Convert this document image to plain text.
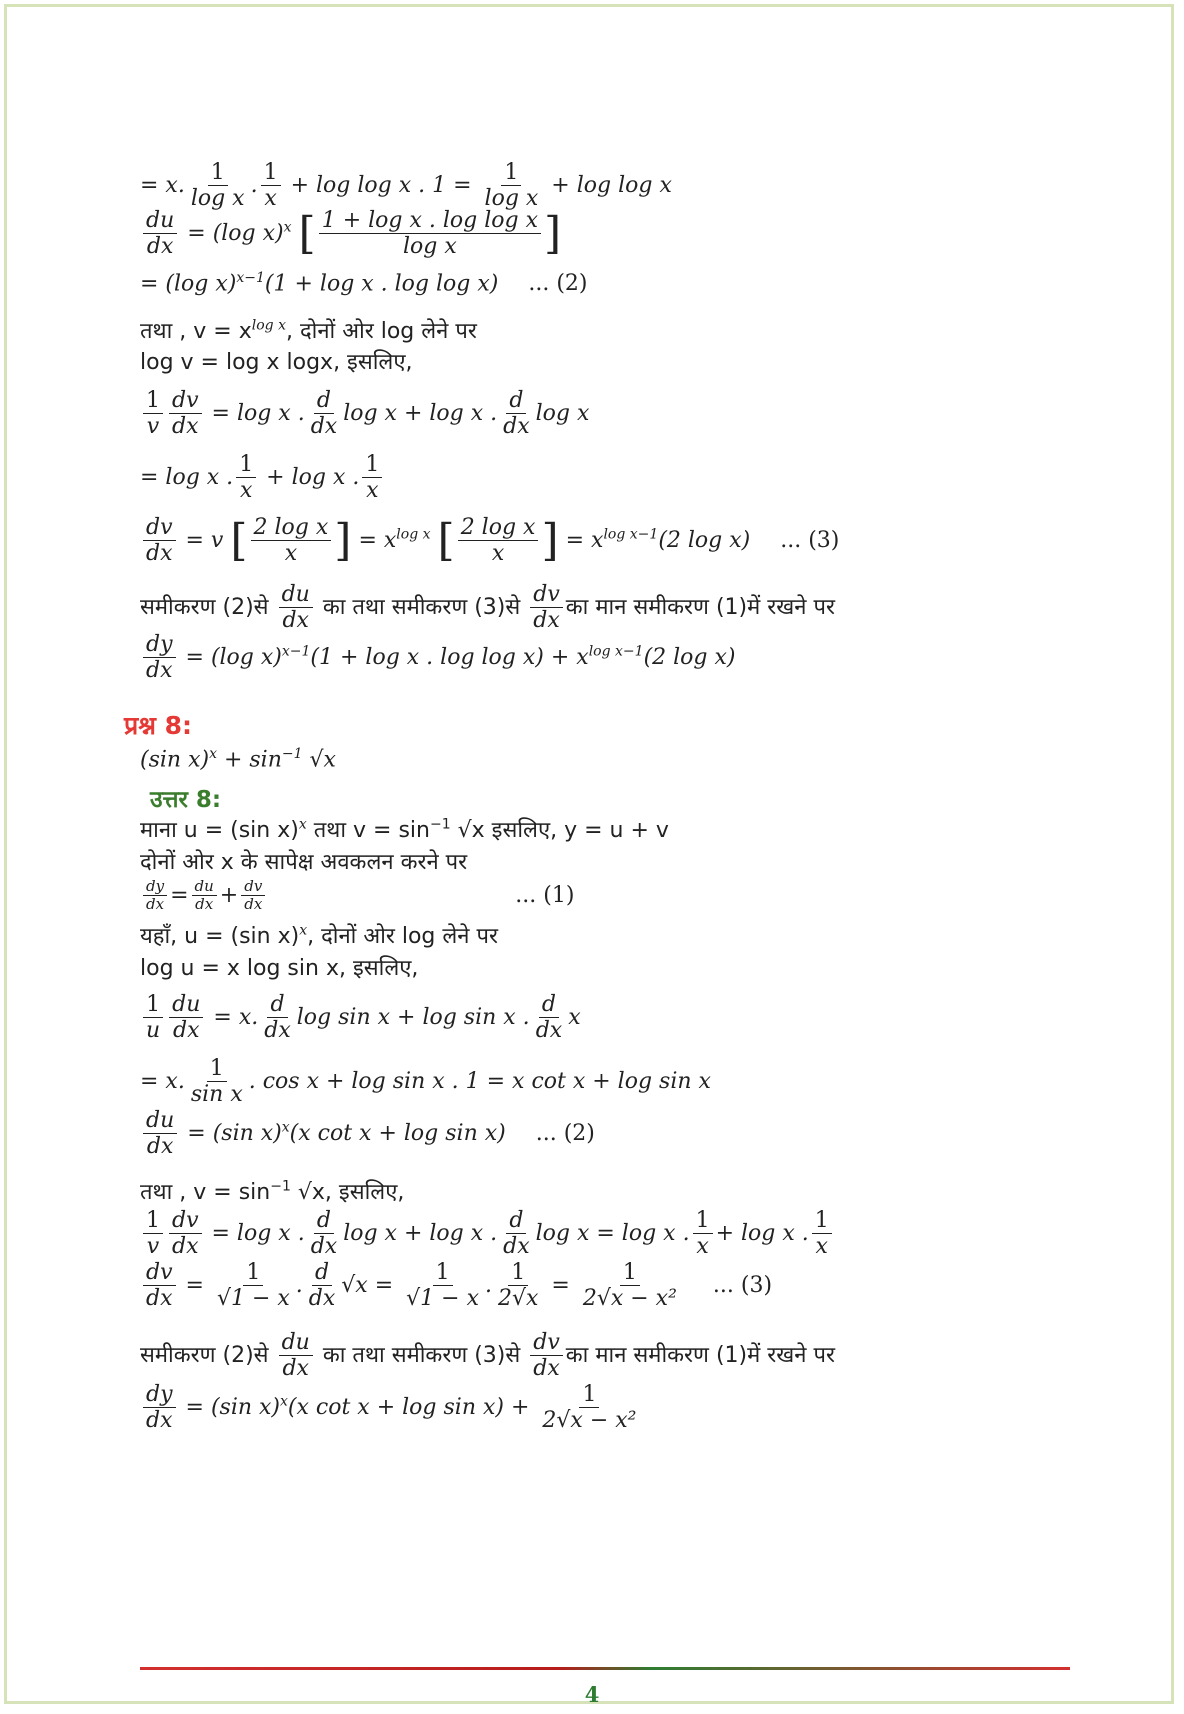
= x. $\frac{1}{\text{log x}}$ . $\frac{1}{x} + \log \log x$ . $1 = \frac{1}{\text{log x}} + \log \log x$
$\frac{du}{dx} = (\log$ x)$^x$ [ $\frac{\text{1 + log x . log log x}}{\text{log x}}$ ]
= (log x)$^{x-1}$(1 + log x . log log x) ... (2)
तथा , $v = x^{log x}$, दोनों ओर log लेने पर
log v = log x logx, इसलिए,
$\frac{1}{v} \frac{dv}{dx} = \log x$ . $\frac{d}{dx}$ log x + log x . $\frac{d}{dx}$ log x
= log x . $\frac{1}{x} + \log x$ . $\frac{1}{x}$
$\frac{dv}{dx} = v$ [ $\frac{\text{2 log x}}{x}$ ] = $x^{log x}$ [ $\frac{\text{2 log x}}{x}$ ] = $x^{log x-1}(2$ log x) ... (3)
समीकरण (2)से $\frac{du}{dx}$ का तथा समीकरण (3)से $\frac{dv}{dx}$ का मान समीकरण (1)में रखने पर
$\frac{dy}{dx} = (\log$ x)$^{x-1}$(1 + log x . $\log \log x) + x^{log x-1}(2$ log x)
प्रश्न 8:
(sin $x)^x + \sin^{-1} √x$
उत्तर 8:
माना u = (sin x)$^x$ तथा $v = \sin^{-1} √x$ इसलिए, y = u + v
दोनों ओर x के सापेक्ष अवकलन करने पर
$\frac{dy}{dx} = \frac{du}{dx} + \frac{dv}{dx}$	... (1)
यहाँ, u = (sin x)$^x$, दोनों ओर log लेने पर
log u = x log sin x, इसलिए,
$\frac{1}{u} \frac{du}{dx} = x$. $\frac{d}{dx}$ log sin x + log sin x . $\frac{d}{dx}$ x
= x. $\frac{1}{\text{sin x}}$ . cos x + log sin x . 1 = x cot x + log sin x
$\frac{du}{dx} = (\sin$ x)$^x$(x cot x + log sin x) ... (2)
तथा , $v = \sin^{-1} √x$, इसलिए,
$\frac{1}{v} \frac{dv}{dx} = \log x$ . $\frac{d}{dx}$ log x + log x . $\frac{d}{dx}$ log x = log x . $\frac{1}{x} + \log x$ . $\frac{1}{x}$
$\frac{dv}{dx} = \frac{1}{√1 - x}$ . $\frac{d}{dx} √x = \frac{1}{√1 - x}$ . $\frac{1}{2√x} = \frac{1}{\text{2√x − x²}}$ ... (3)
समीकरण (2)से $\frac{du}{dx}$ का तथा समीकरण (3)से $\frac{dv}{dx}$ का मान समीकरण (1)में रखने पर
$\frac{dy}{dx} = (\sin$ x)$^x$(x $\cot x + \log \sin x) + \frac{1}{\text{2√x − x²}}$
4
